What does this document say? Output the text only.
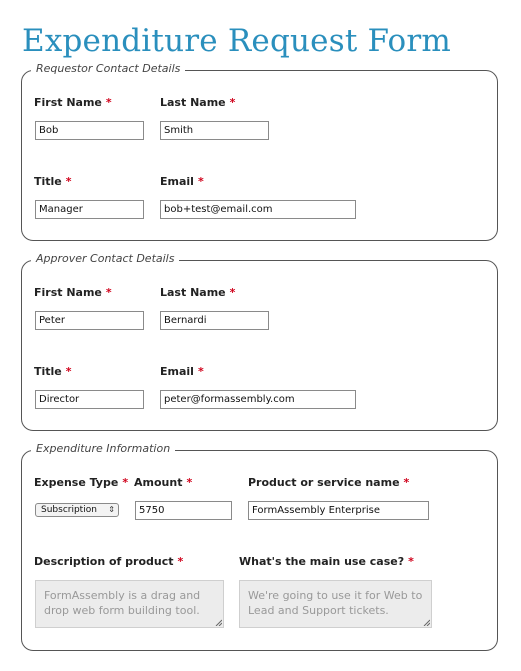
Expenditure Request Form
Requestor Contact Details
First Name *
Bob	Last Name *
Smith
Title *
Manager	Email *
bob+test@email.com
Approver Contact Details
First Name *
Peter	Last Name *
Bernardi
Title *
Director	Email *
peter@formassembly.com
Expenditure Information
Expense Type *
Subscription ⇕
Amount *
5750	Product or service name *
FormAssembly Enterprise
Description of product *
FormAssembly is a drag and drop web form building tool.
What's the main use case? *
We're going to use it for Web to Lead and Support tickets.
